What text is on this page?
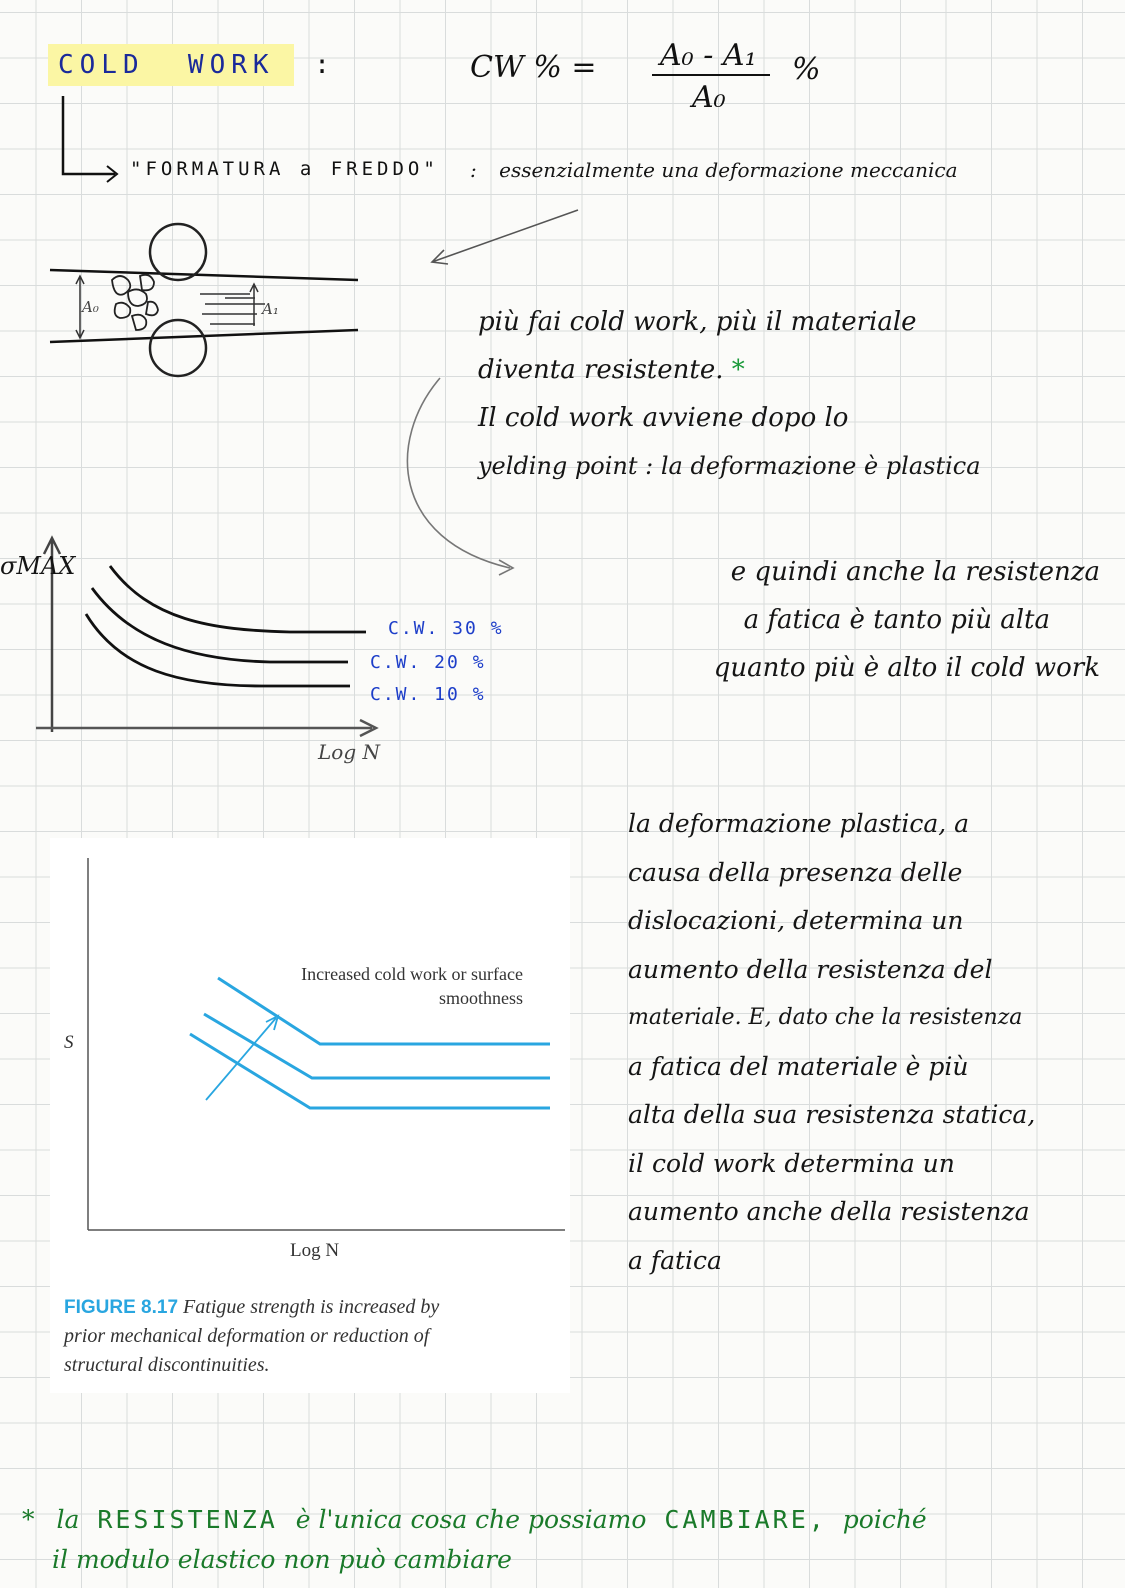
COLD  WORK :	CW % = A₀ - A₁
A₀
%
"FORMATURA a FREDDO" : essenzialmente una deformazione meccanica
A₀	A₁	più fai cold work, più il materiale
diventa resistente. *
Il cold work avviene dopo lo
yelding point : la deformazione è plastica
e quindi anche la resistenza
a fatica è tanto più alta
quanto più è alto il cold work
σMAX
Log N
C.W. 30 %
C.W. 20 %
C.W. 10 %
la deformazione plastica, a
causa della presenza delle
dislocazioni, determina un
aumento della resistenza del
materiale. E, dato che la resistenza
a fatica del materiale è più
alta della sua resistenza statica,
il cold work determina un
aumento anche della resistenza
a fatica
Increased cold work or surface
smoothness
S
Log N
FIGURE 8.17 Fatigue strength is increased by
prior mechanical deformation or reduction of
structural discontinuities.
* la RESISTENZA è l'unica cosa che possiamo CAMBIARE, poiché
il modulo elastico non può cambiare
